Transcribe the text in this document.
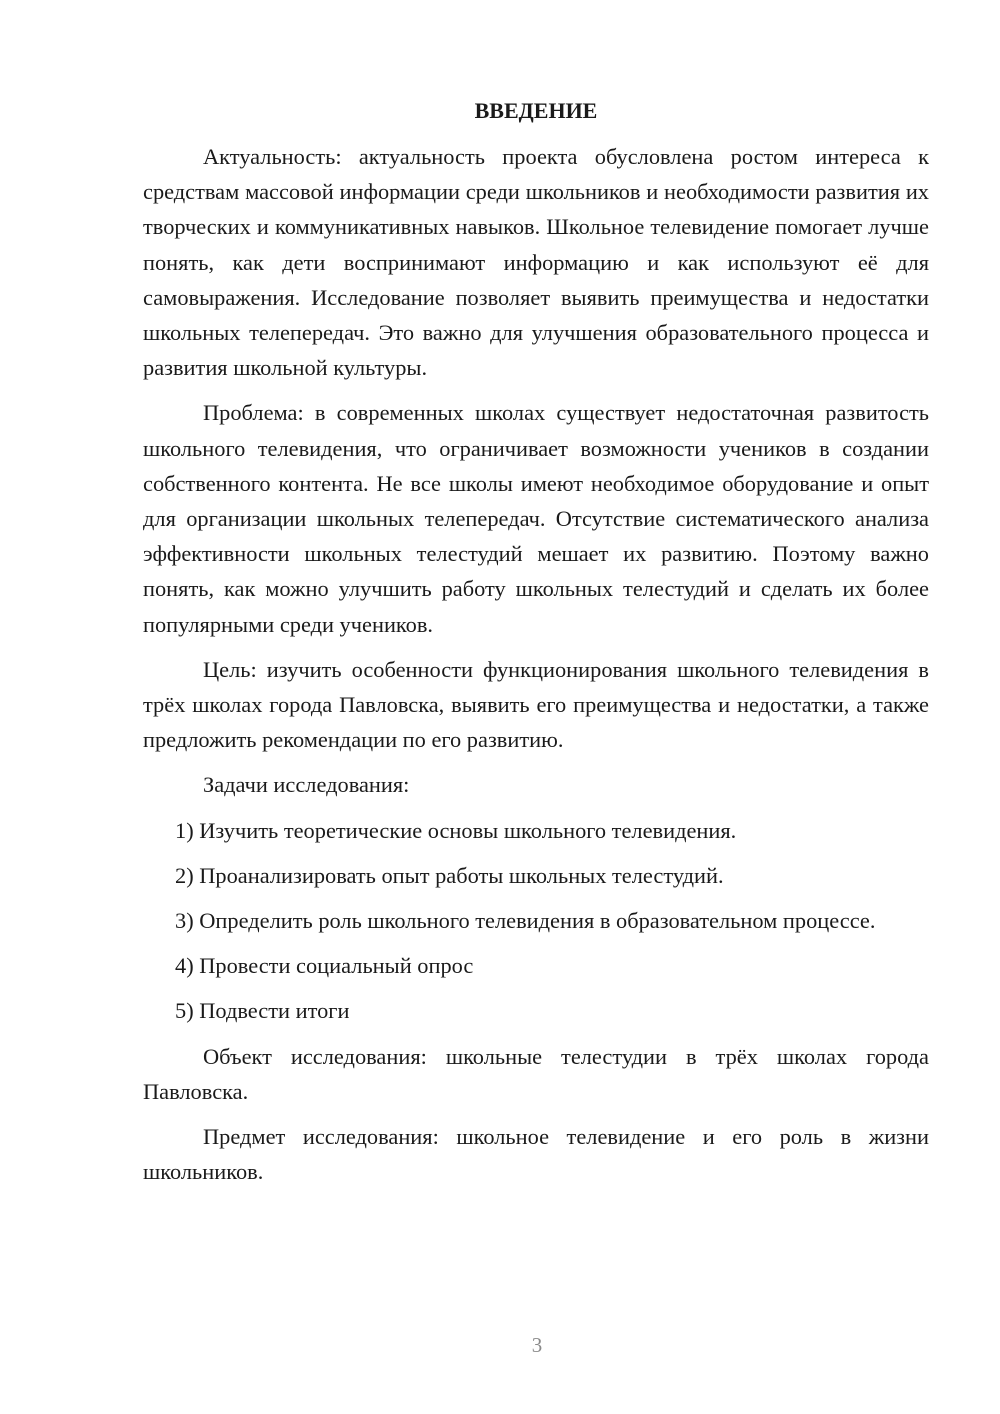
ВВЕДЕНИЕ

Актуальность: актуальность проекта обусловлена ростом интереса к средствам массовой информации среди школьников и необходимости развития их творческих и коммуникативных навыков. Школьное телевидение помогает лучше понять, как дети воспринимают информацию и как используют её для самовыражения. Исследование позволяет выявить преимущества и недостатки школьных телепередач. Это важно для улучшения образовательного процесса и развития школьной культуры.

Проблема: в современных школах существует недостаточная развитость школьного телевидения, что ограничивает возможности учеников в создании собственного контента. Не все школы имеют необходимое оборудование и опыт для организации школьных телепередач. Отсутствие систематического анализа эффективности школьных телестудий мешает их развитию. Поэтому важно понять, как можно улучшить работу школьных телестудий и сделать их более популярными среди учеников.

Цель: изучить особенности функционирования школьного телевидения в трёх школах города Павловска, выявить его преимущества и недостатки, а также предложить рекомендации по его развитию.

Задачи исследования:

1) Изучить теоретические основы школьного телевидения.

2) Проанализировать опыт работы школьных телестудий.

3) Определить роль школьного телевидения в образовательном процессе.

4) Провести социальный опрос

5) Подвести итоги

Объект исследования: школьные телестудии в трёх школах города Павловска.

Предмет исследования: школьное телевидение и его роль в жизни школьников.

3
